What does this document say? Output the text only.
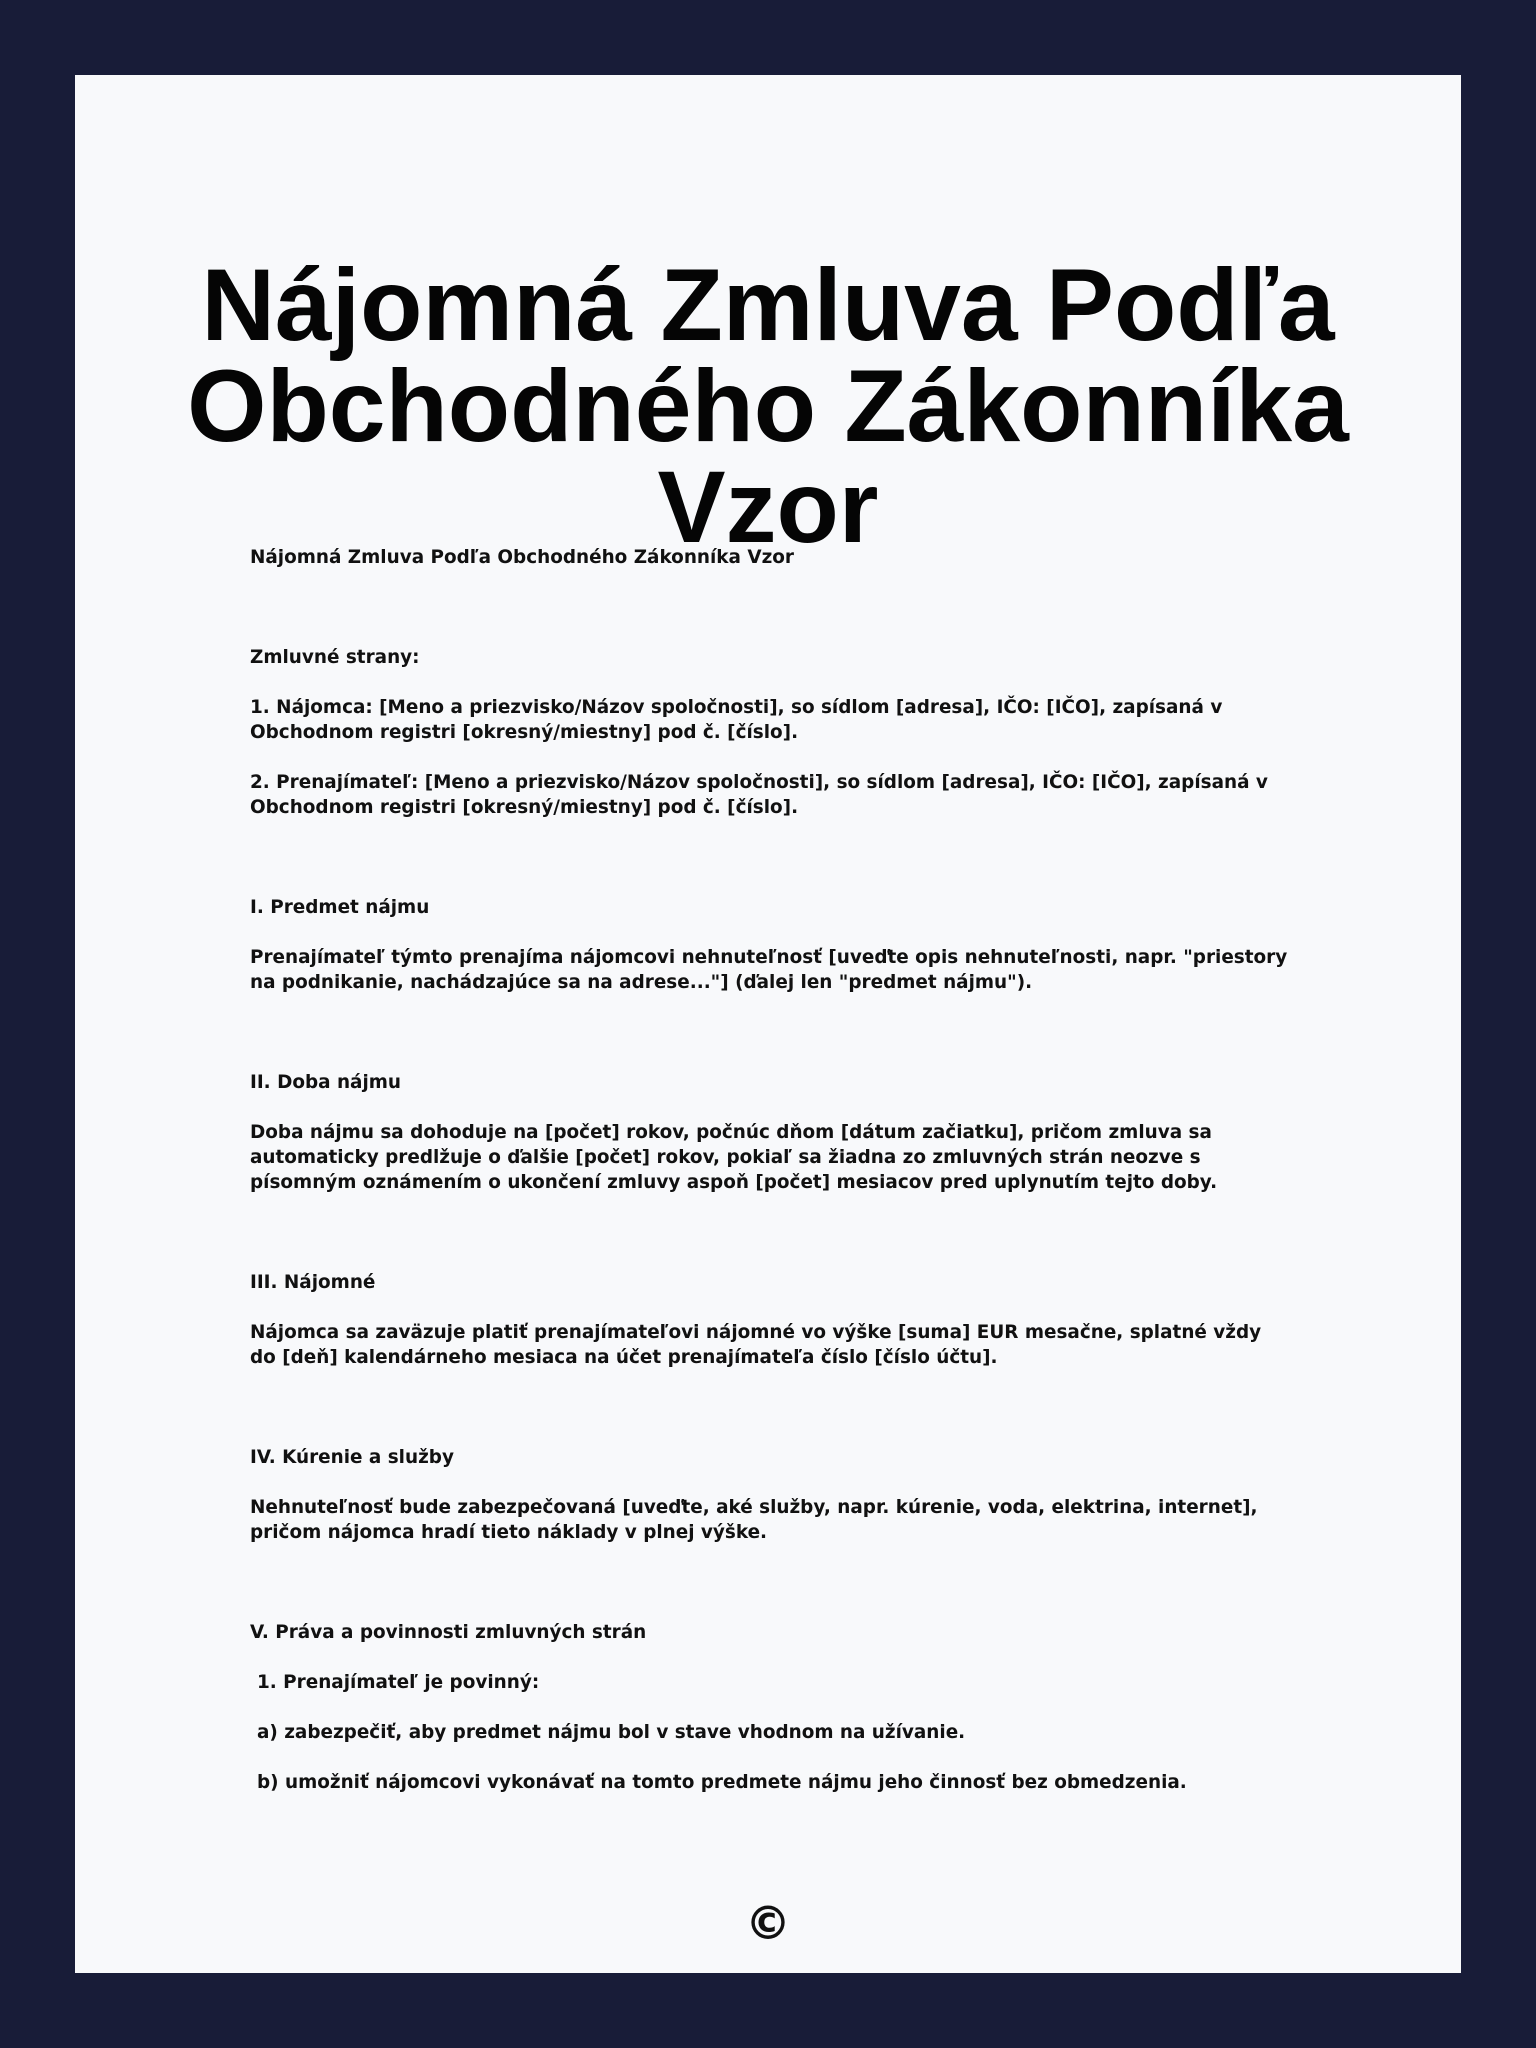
Nájomná Zmluva Podľa Obchodného Zákonníka Vzor

Nájomná Zmluva Podľa Obchodného Zákonníka Vzor

Zmluvné strany:

1. Nájomca: [Meno a priezvisko/Názov spoločnosti], so sídlom [adresa], IČO: [IČO], zapísaná v Obchodnom registri [okresný/miestny] pod č. [číslo].

2. Prenajímateľ: [Meno a priezvisko/Názov spoločnosti], so sídlom [adresa], IČO: [IČO], zapísaná v Obchodnom registri [okresný/miestny] pod č. [číslo].

I. Predmet nájmu

Prenajímateľ týmto prenajíma nájomcovi nehnuteľnosť [uveďte opis nehnuteľnosti, napr. "priestory na podnikanie, nachádzajúce sa na adrese..."] (ďalej len "predmet nájmu").

II. Doba nájmu

Doba nájmu sa dohoduje na [počet] rokov, počnúc dňom [dátum začiatku], pričom zmluva sa automaticky predlžuje o ďalšie [počet] rokov, pokiaľ sa žiadna zo zmluvných strán neozve s písomným oznámením o ukončení zmluvy aspoň [počet] mesiacov pred uplynutím tejto doby.

III. Nájomné

Nájomca sa zaväzuje platiť prenajímateľovi nájomné vo výške [suma] EUR mesačne, splatné vždy do [deň] kalendárneho mesiaca na účet prenajímateľa číslo [číslo účtu].

IV. Kúrenie a služby

Nehnuteľnosť bude zabezpečovaná [uveďte, aké služby, napr. kúrenie, voda, elektrina, internet], pričom nájomca hradí tieto náklady v plnej výške.

V. Práva a povinnosti zmluvných strán

1. Prenajímateľ je povinný:

a) zabezpečiť, aby predmet nájmu bol v stave vhodnom na užívanie.

b) umožniť nájomcovi vykonávať na tomto predmete nájmu jeho činnosť bez obmedzenia.

©
